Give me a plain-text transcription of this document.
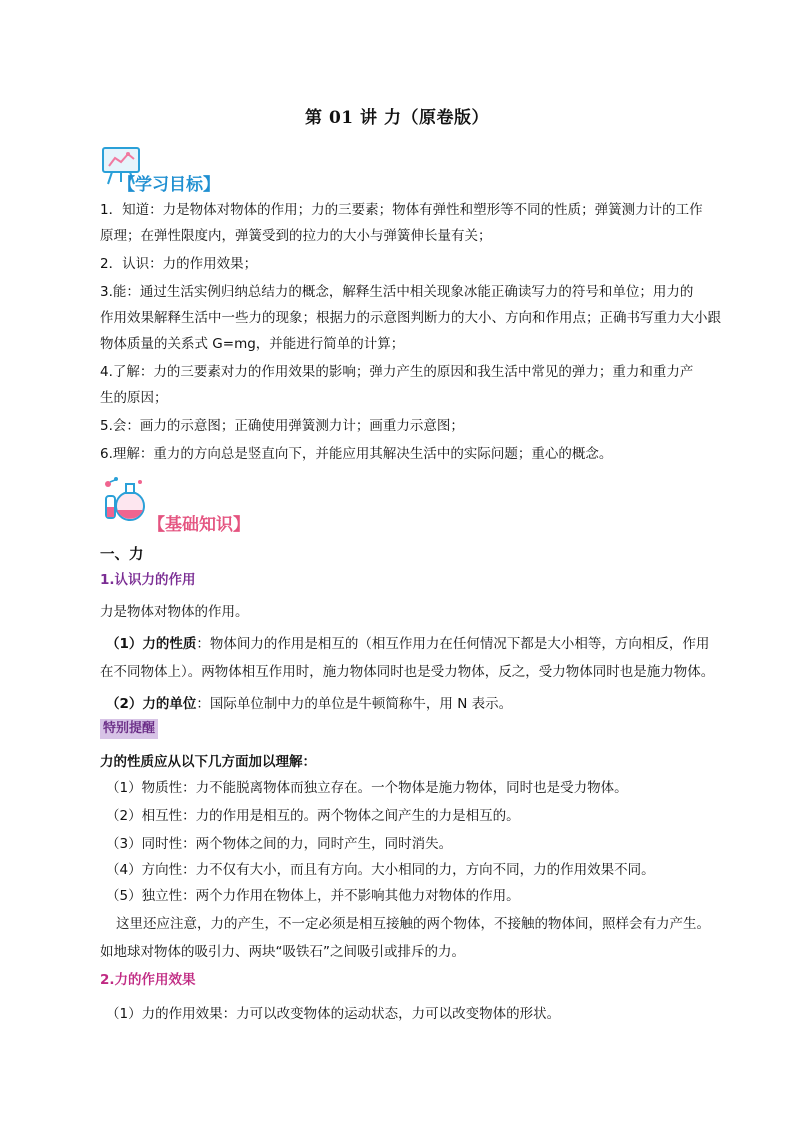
第 01 讲 力（原卷版）
【学习目标】
1．知道：力是物体对物体的作用；力的三要素；物体有弹性和塑形等不同的性质；弹簧测力计的工作
原理；在弹性限度内，弹簧受到的拉力的大小与弹簧伸长量有关；
2．认识：力的作用效果；
3.能：通过生活实例归纳总结力的概念，解释生活中相关现象冰能正确读写力的符号和单位；用力的
作用效果解释生活中一些力的现象；根据力的示意图判断力的大小、方向和作用点；正确书写重力大小跟
物体质量的关系式 G=mg，并能进行简单的计算；
4.了解：力的三要素对力的作用效果的影响；弹力产生的原因和我生活中常见的弹力；重力和重力产
生的原因；
5.会：画力的示意图；正确使用弹簧测力计；画重力示意图；
6.理解：重力的方向总是竖直向下，并能应用其解决生活中的实际问题；重心的概念。
【基础知识】
一、力
1.认识力的作用
力是物体对物体的作用。
（1）力的性质：物体间力的作用是相互的（相互作用力在任何情况下都是大小相等，方向相反，作用
在不同物体上）。两物体相互作用时，施力物体同时也是受力物体，反之，受力物体同时也是施力物体。
（2）力的单位：国际单位制中力的单位是牛顿简称牛，用 N 表示。
特别提醒
力的性质应从以下几方面加以理解：
（1）物质性：力不能脱离物体而独立存在。一个物体是施力物体，同时也是受力物体。
（2）相互性：力的作用是相互的。两个物体之间产生的力是相互的。
（3）同时性：两个物体之间的力，同时产生，同时消失。
（4）方向性：力不仅有大小，而且有方向。大小相同的力，方向不同，力的作用效果不同。
（5）独立性：两个力作用在物体上，并不影响其他力对物体的作用。
这里还应注意，力的产生，不一定必须是相互接触的两个物体，不接触的物体间，照样会有力产生。
如地球对物体的吸引力、两块“吸铁石”之间吸引或排斥的力。
2.力的作用效果
（1）力的作用效果：力可以改变物体的运动状态，力可以改变物体的形状。
